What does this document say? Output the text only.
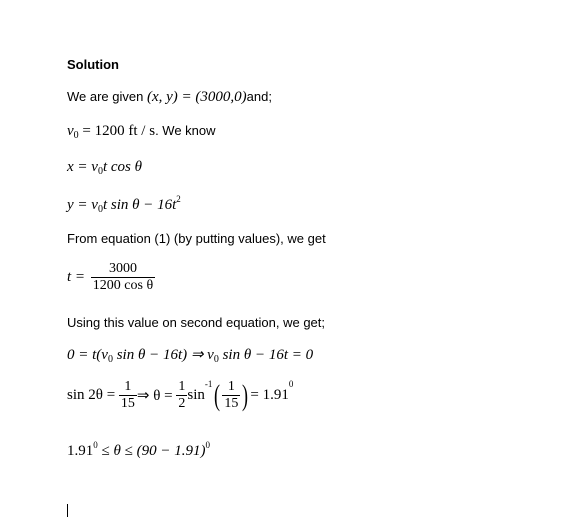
Solution
We are given (x, y) = (3000,0)and;
$v_0 = 1200$ ft / s. We know
$x = v_0t$ cos θ
$y = v_0t$ $\sin \theta - 16t^2$
From equation (1) (by putting values), we get
$t = \frac{3000}{\text{1200 cos θ}}$
Using this value on second equation, we get;
$0 = t(v_0$ sin θ − 16t) ⇒ $v_0$ sin θ − 16t = 0
$\sin 2\theta = \frac{1}{15}$ ⇒ $\theta = \frac{1}{2} \sin^{-1}( \frac{1}{15}$ ) = $1.91^0$
$1.91^0 \le \theta \le (90 - 1.91)^0$
